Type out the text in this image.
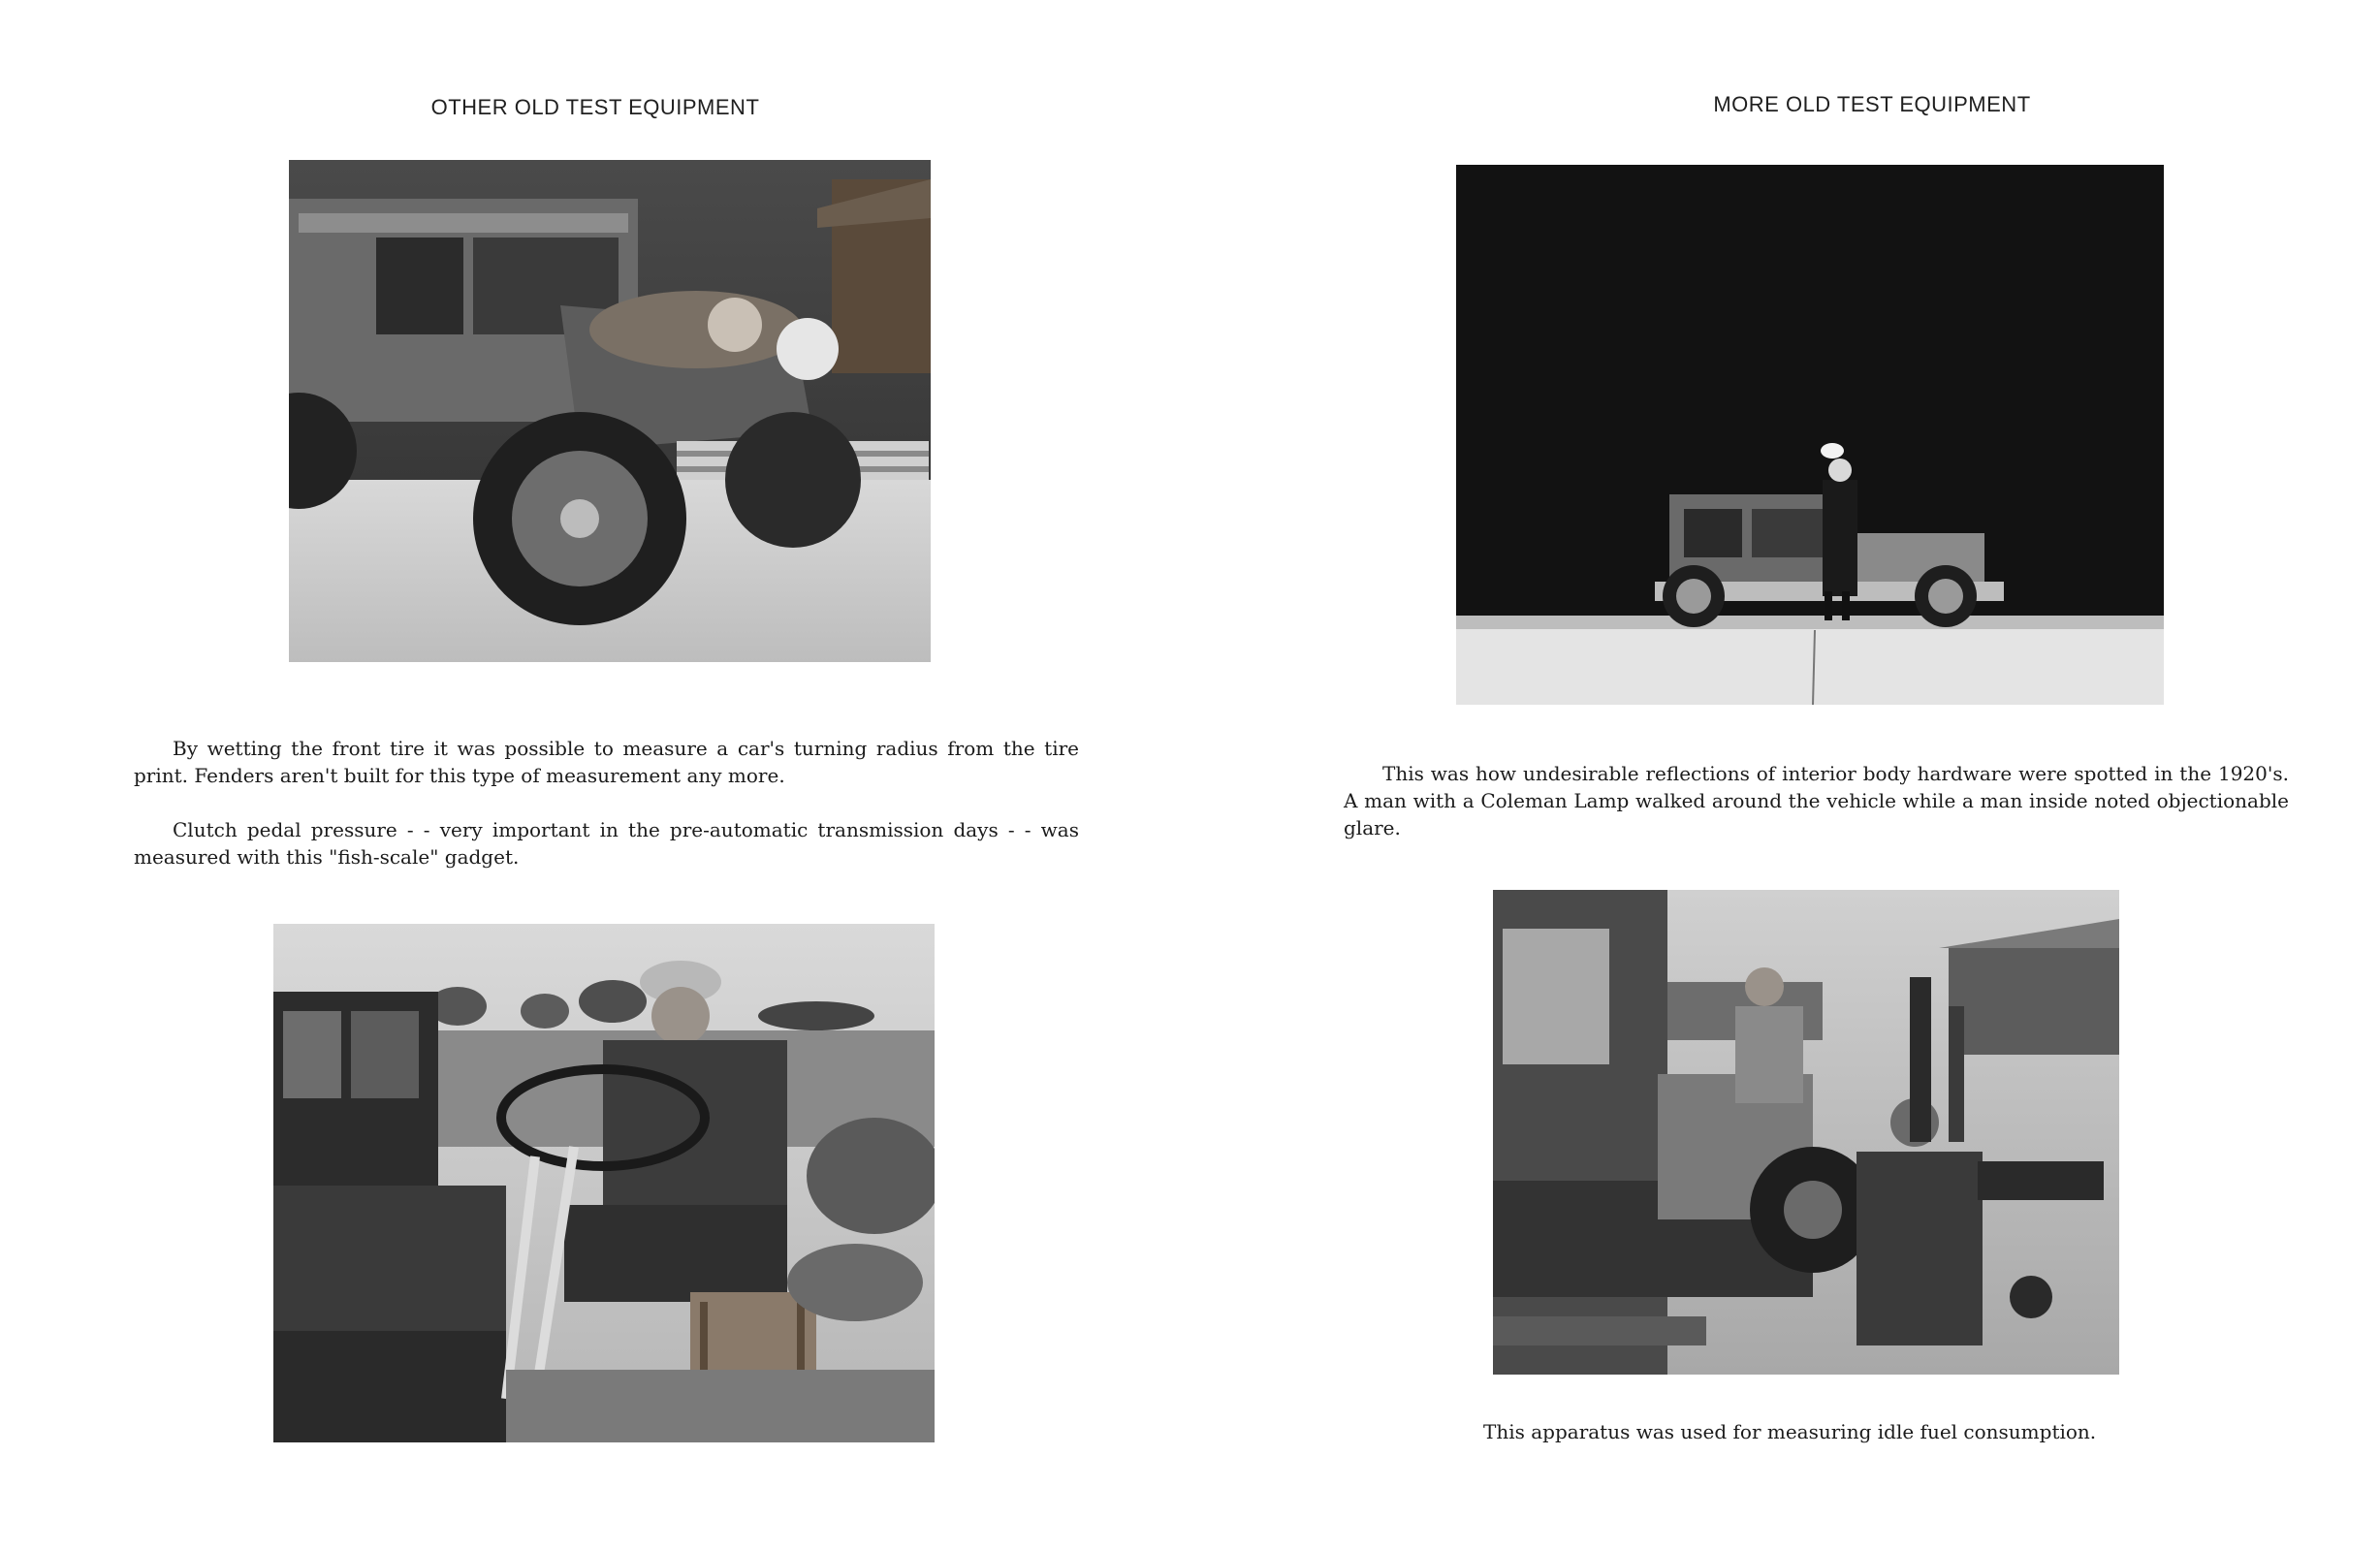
OTHER OLD TEST EQUIPMENT

By wetting the front tire it was possible to measure a car's turning radius from the tire print. Fenders aren't built for this type of measurement any more.

Clutch pedal pressure - - very important in the pre-automatic transmission days - - was measured with this "fish-scale" gadget.

MORE OLD TEST EQUIPMENT

This was how undesirable reflections of interior body hardware were spotted in the 1920's. A man with a Coleman Lamp walked around the vehicle while a man inside noted objectionable glare.

This apparatus was used for measuring idle fuel consumption.
